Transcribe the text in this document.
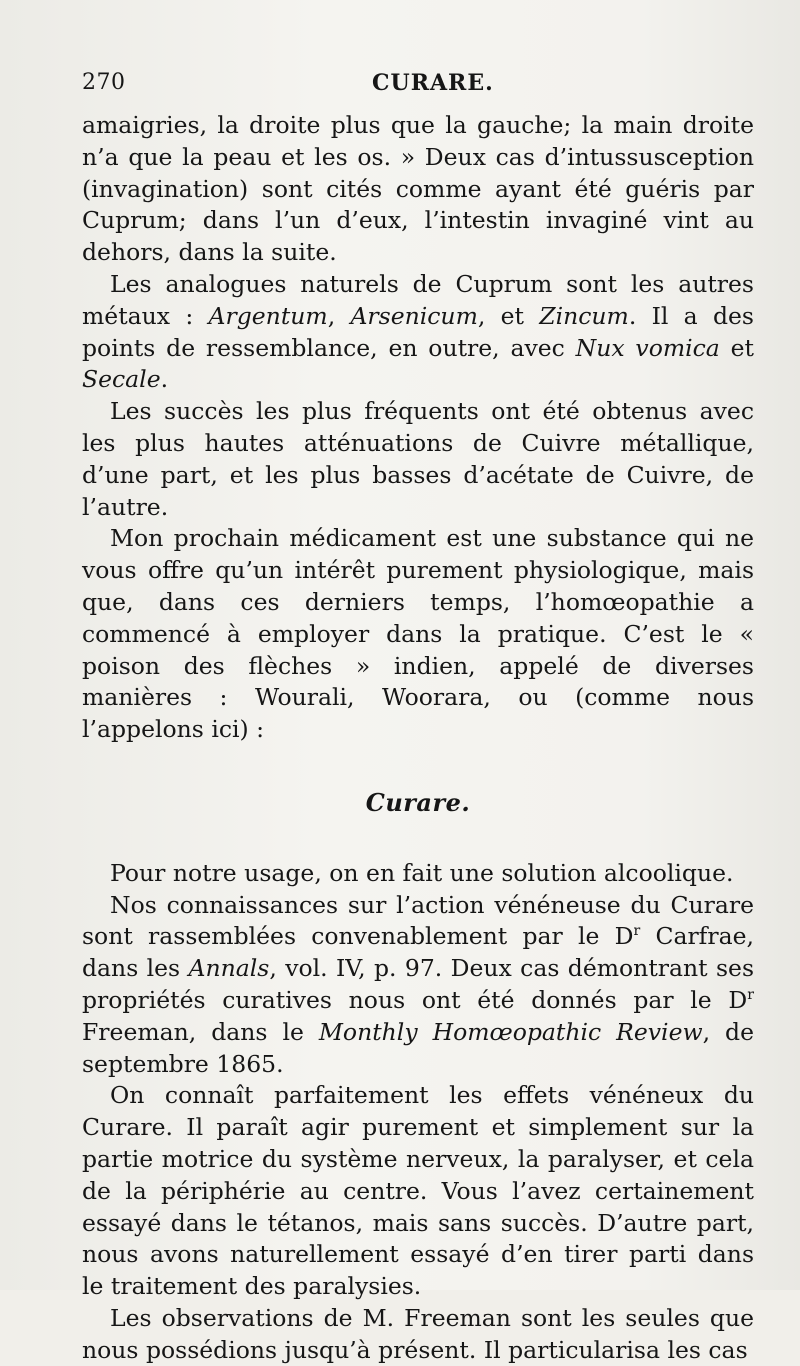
270	CURARE.

amaigries, la droite plus que la gauche; la main droite n’a que la peau et les os. » Deux cas d’intussusception (invagination) sont cités comme ayant été guéris par Cuprum; dans l’un d’eux, l’intestin invaginé vint au dehors, dans la suite.

Les analogues naturels de Cuprum sont les autres métaux : Argentum, Arsenicum, et Zincum. Il a des points de ressemblance, en outre, avec Nux vomica et Secale.

Les succès les plus fréquents ont été obtenus avec les plus hautes atténuations de Cuivre métallique, d’une part, et les plus basses d’acétate de Cuivre, de l’autre.

Mon prochain médicament est une substance qui ne vous offre qu’un intérêt purement physiologique, mais que, dans ces derniers temps, l’homœopathie a commencé à employer dans la pratique. C’est le « poison des flèches » indien, appelé de diverses manières : Wourali, Woorara, ou (comme nous l’appelons ici) :

Curare.

Pour notre usage, on en fait une solution alcoolique.

Nos connaissances sur l’action vénéneuse du Curare sont rassemblées convenablement par le $D^r$ Carfrae, dans les Annals, vol. IV, p. 97. Deux cas démontrant ses propriétés curatives nous ont été donnés par le $D^r$ Freeman, dans le Monthly Homœopathic Review, de septembre 1865.

On connaît parfaitement les effets vénéneux du Curare. Il paraît agir purement et simplement sur la partie motrice du système nerveux, la paralyser, et cela de la périphérie au centre. Vous l’avez certainement essayé dans le tétanos, mais sans succès. D’autre part, nous avons naturellement essayé d’en tirer parti dans le traitement des paralysies.

Les observations de M. Freeman sont les seules que nous possédions jusqu’à présent. Il particularisa les cas
